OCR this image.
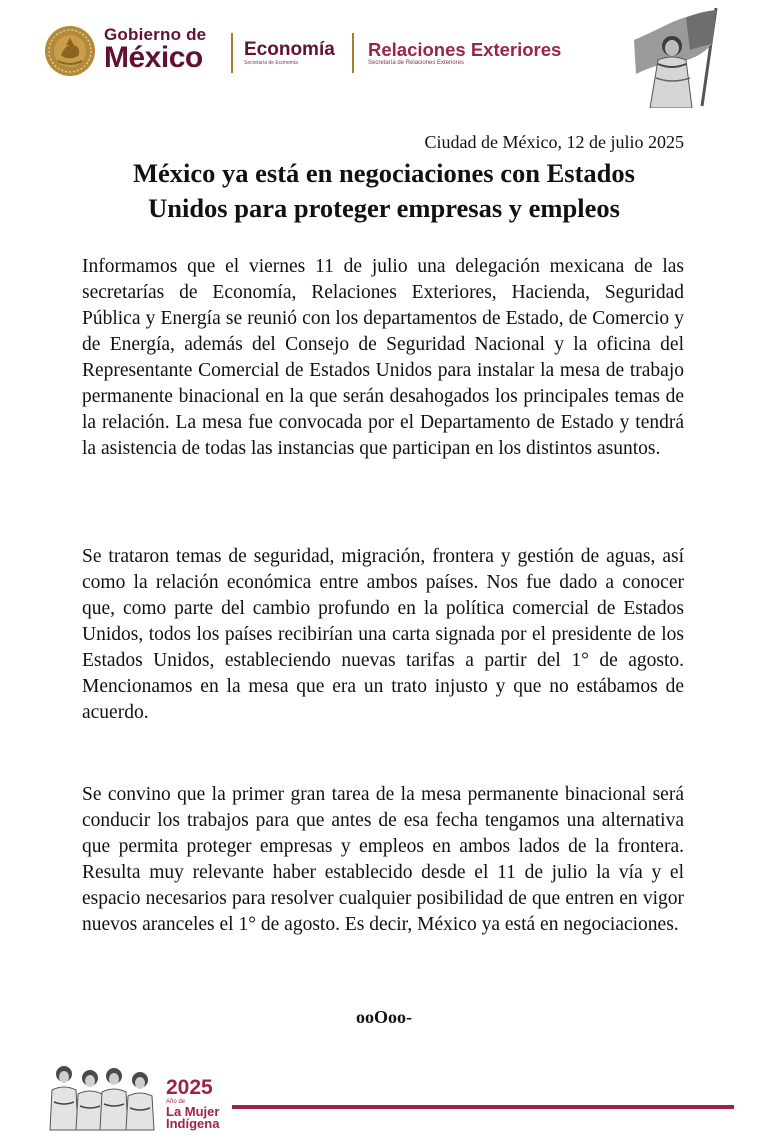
Gobierno de
México Economía
Secretaría de Economía
Relaciones Exteriores
Secretaría de Relaciones Exteriores
Ciudad de México, 12 de julio 2025
México ya está en negociaciones con Estados
Unidos para proteger empresas y empleos

Informamos que el viernes 11 de julio una delegación mexicana de las secretarías de Economía, Relaciones Exteriores, Hacienda, Seguridad Pública y Energía se reunió con los departamentos de Estado, de Comercio y de Energía, además del Consejo de Seguridad Nacional y la oficina del Representante Comercial de Estados Unidos para instalar la mesa de trabajo permanente binacional en la que serán desahogados los principales temas de la relación. La mesa fue convocada por el Departamento de Estado y tendrá la asistencia de todas las instancias que participan en los distintos asuntos.

Se trataron temas de seguridad, migración, frontera y gestión de aguas, así como la relación económica entre ambos países. Nos fue dado a conocer que, como parte del cambio profundo en la política comercial de Estados Unidos, todos los países recibirían una carta signada por el presidente de los Estados Unidos, estableciendo nuevas tarifas a partir del 1° de agosto. Mencionamos en la mesa que era un trato injusto y que no estábamos de acuerdo.

Se convino que la primer gran tarea de la mesa permanente binacional será conducir los trabajos para que antes de esa fecha tengamos una alternativa que permita proteger empresas y empleos en ambos lados de la frontera. Resulta muy relevante haber establecido desde el 11 de julio la vía y el espacio necesarios para resolver cualquier posibilidad de que entren en vigor nuevos aranceles el 1° de agosto. Es decir, México ya está en negociaciones.

ooOoo-
2025
Año de
La Mujer
Indígena
